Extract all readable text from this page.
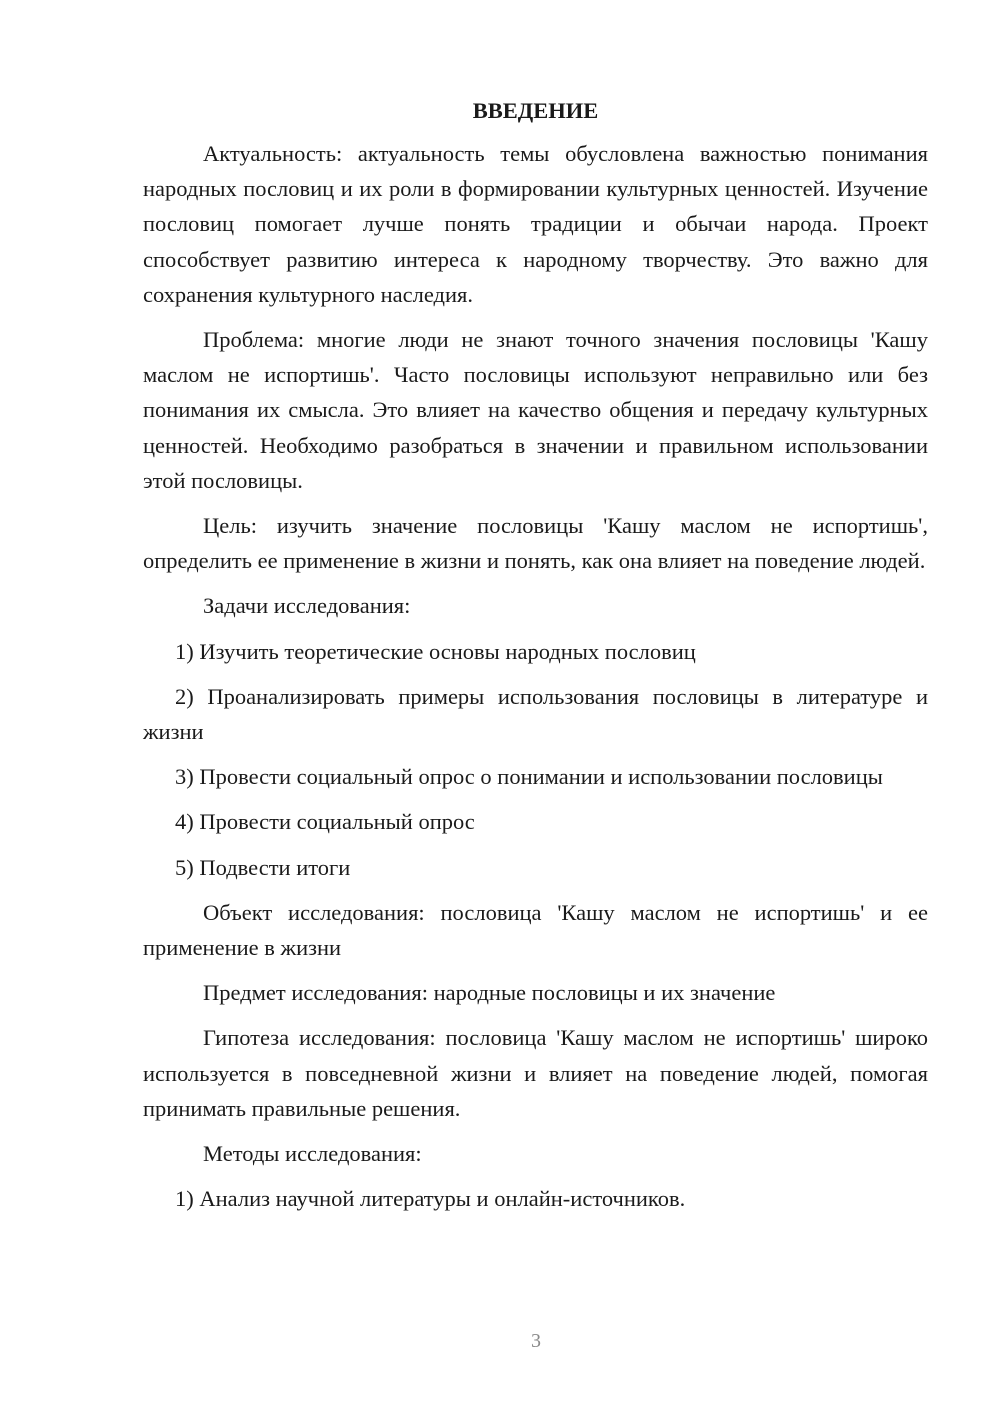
ВВЕДЕНИЕ

Актуальность: актуальность темы обусловлена важностью понимания народных пословиц и их роли в формировании культурных ценностей. Изучение пословиц помогает лучше понять традиции и обычаи народа. Проект способствует развитию интереса к народному творчеству. Это важно для сохранения культурного наследия.

Проблема: многие люди не знают точного значения пословицы 'Кашу маслом не испортишь'. Часто пословицы используют неправильно или без понимания их смысла. Это влияет на качество общения и передачу культурных ценностей. Необходимо разобраться в значении и правильном использовании этой пословицы.

Цель: изучить значение пословицы 'Кашу маслом не испортишь', определить ее применение в жизни и понять, как она влияет на поведение людей.

Задачи исследования:

1) Изучить теоретические основы народных пословиц

2) Проанализировать примеры использования пословицы в литературе и жизни

3) Провести социальный опрос о понимании и использовании пословицы

4) Провести социальный опрос

5) Подвести итоги

Объект исследования: пословица 'Кашу маслом не испортишь' и ее применение в жизни

Предмет исследования: народные пословицы и их значение

Гипотеза исследования: пословица 'Кашу маслом не испортишь' широко используется в повседневной жизни и влияет на поведение людей, помогая принимать правильные решения.

Методы исследования:

1) Анализ научной литературы и онлайн-источников.

3
